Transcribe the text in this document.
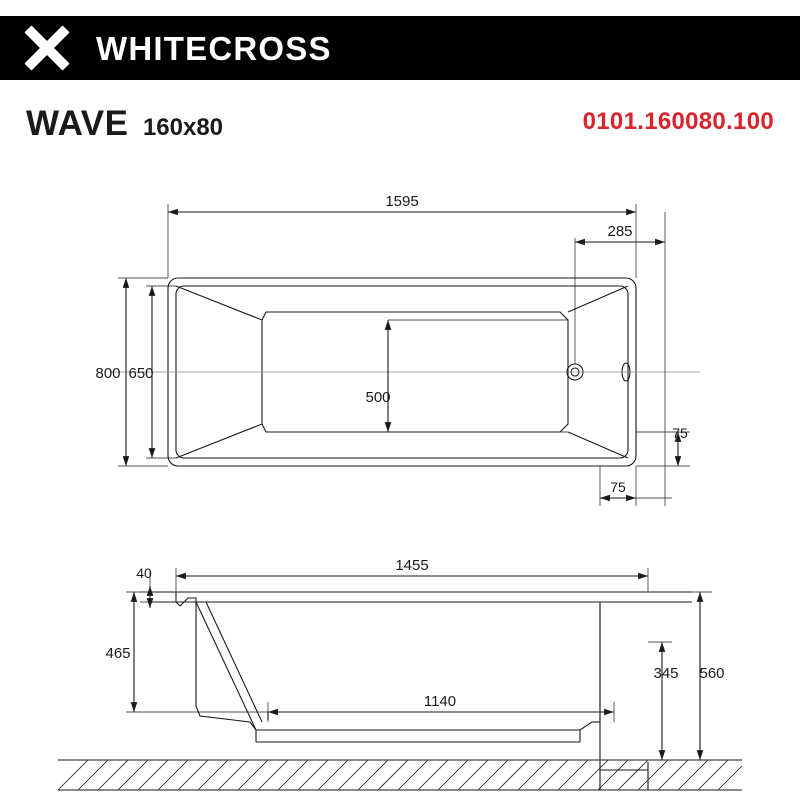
WHITECROSS
WAVE 160x80	0101.160080.100
1595
285
800 650
500
75
75
1455
40
465
1140
345 560
